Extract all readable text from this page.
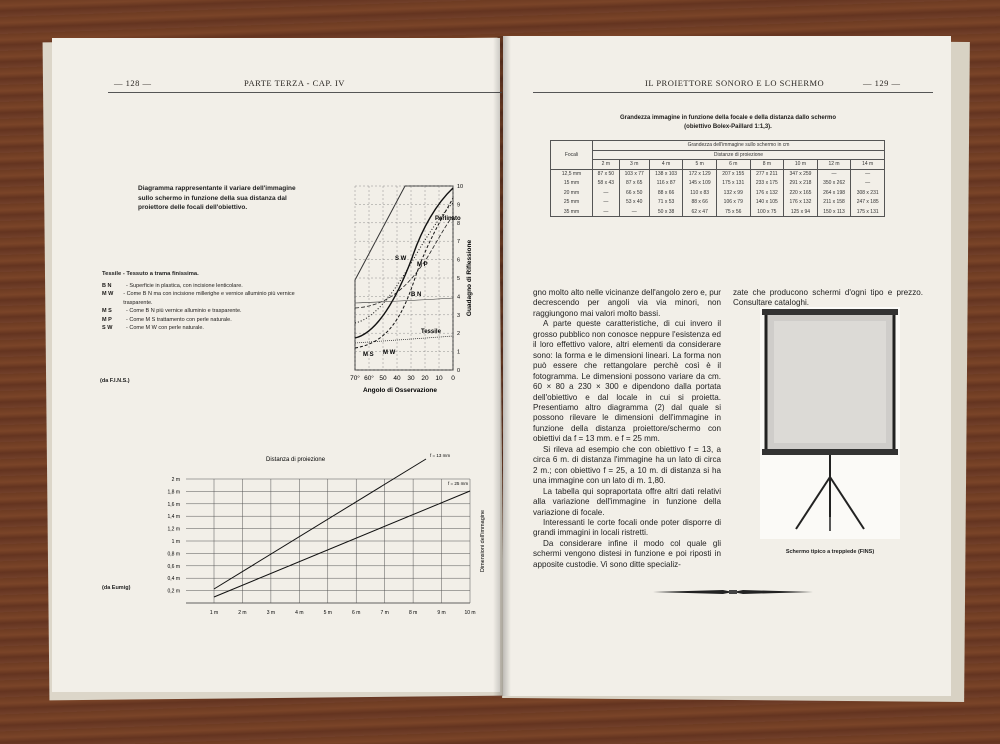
— 128 —	PARTE TERZA - CAP. IV
Diagramma rappresentante il variare dell'immagine sullo schermo in funzione della sua distanza dal proiettore delle focali dell'obiettivo.
Tessile - Tessuto a trama finissima.
B N	- Superficie in plastica, con incisione lenticolare.
M W	- Come B N ma con incisione millerighe e vernice alluminio più vernice trasparente.
M S	- Come B N più vernice alluminio e trasparente.
M P	- Come M S trattamento con perle naturale.
S W	- Come M W con perle naturale.
(da F.I.N.S.)	70° 60° 50 40 30 20 10 0
0
1
2
3
4
5
6
7
8
9
10
Angolo di Osservazione
Guadagno di Riflessione
S W
M P
B N
Tessile
M S M W
Perlinato
2 m
1,8 m
1,6 m
1,4 m
1,2 m
1 m
0,8 m
0,6 m
0,4 m
0,2 m
1 m	2 m	3 m	4 m	5 m	6 m	7 m	8 m	9 m	10 m
Distanza di proiezione
Dimensioni dell'immagine
f = 13 mm
f = 25 mm
(da Eumig)
IL PROIETTORE SONORO E LO SCHERMO	— 129 —
Grandezza immagine in funzione della focale e della distanza dallo schermo
(obiettivo Bolex-Paillard 1:1,3).
Focali	Grandezza dell'immagine sullo schermo in cm								
	Distanze di proiezione								
	2 m	3 m	4 m	5 m	6 m	8 m	10 m	12 m	14 m
12,5 mm	87 x 50	103 x 77	138 x 103	172 x 129	207 x 155	277 x 211	347 x 259	—	—
15 mm	58 x 43	87 x 65	116 x 87	145 x 109	175 x 131	233 x 175	291 x 218	350 x 262	—
20 mm	—	66 x 50	88 x 66	110 x 83	132 x 99	176 x 132	220 x 165	264 x 198	308 x 231
25 mm	—	53 x 40	71 x 53	88 x 66	106 x 79	140 x 105	176 x 132	211 x 158	247 x 185
35 mm	—	—	50 x 38	62 x 47	75 x 56	100 x 75	125 x 94	150 x 113	175 x 131

gno molto alto nelle vicinanze dell'angolo zero e, pur decrescendo per angoli via via minori, non raggiungono mai valori molto bassi.

A parte queste caratteristiche, di cui invero il grosso pubblico non conosce neppure l'esistenza ed il loro effettivo valore, altri elementi da considerare sono: la forma e le dimensioni lineari. La forma non può essere che rettangolare perchè così è il fotogramma. Le dimensioni possono variare da cm. 60 × 80 a 230 × 300 e dipendono dalla portata dell'obiettivo e dal locale in cui si proietta. Presentiamo altro diagramma (2) dal quale si possono rilevare le dimensioni dell'immagine in funzione della distanza proiettore/schermo con obiettivi da f = 13 mm. e f = 25 mm.

Si rileva ad esempio che con obiettivo f = 13, a circa 6 m. di distanza l'immagine ha un lato di circa 2 m.; con obiettivo f = 25, a 10 m. di distanza si ha una immagine con un lato di m. 1,80.

La tabella qui sopraportata offre altri dati relativi alla variazione dell'immagine in funzione della variazione di focale.

Interessanti le corte focali onde poter disporre di grandi immagini in locali ristretti.

Da considerare infine il modo col quale gli schermi vengono distesi in funzione e poi riposti in apposite custodie. Vi sono ditte specializ-

zate che producono schermi d'ogni tipo e prezzo. Consultare cataloghi.

Schermo tipico a treppiede (FINS)
